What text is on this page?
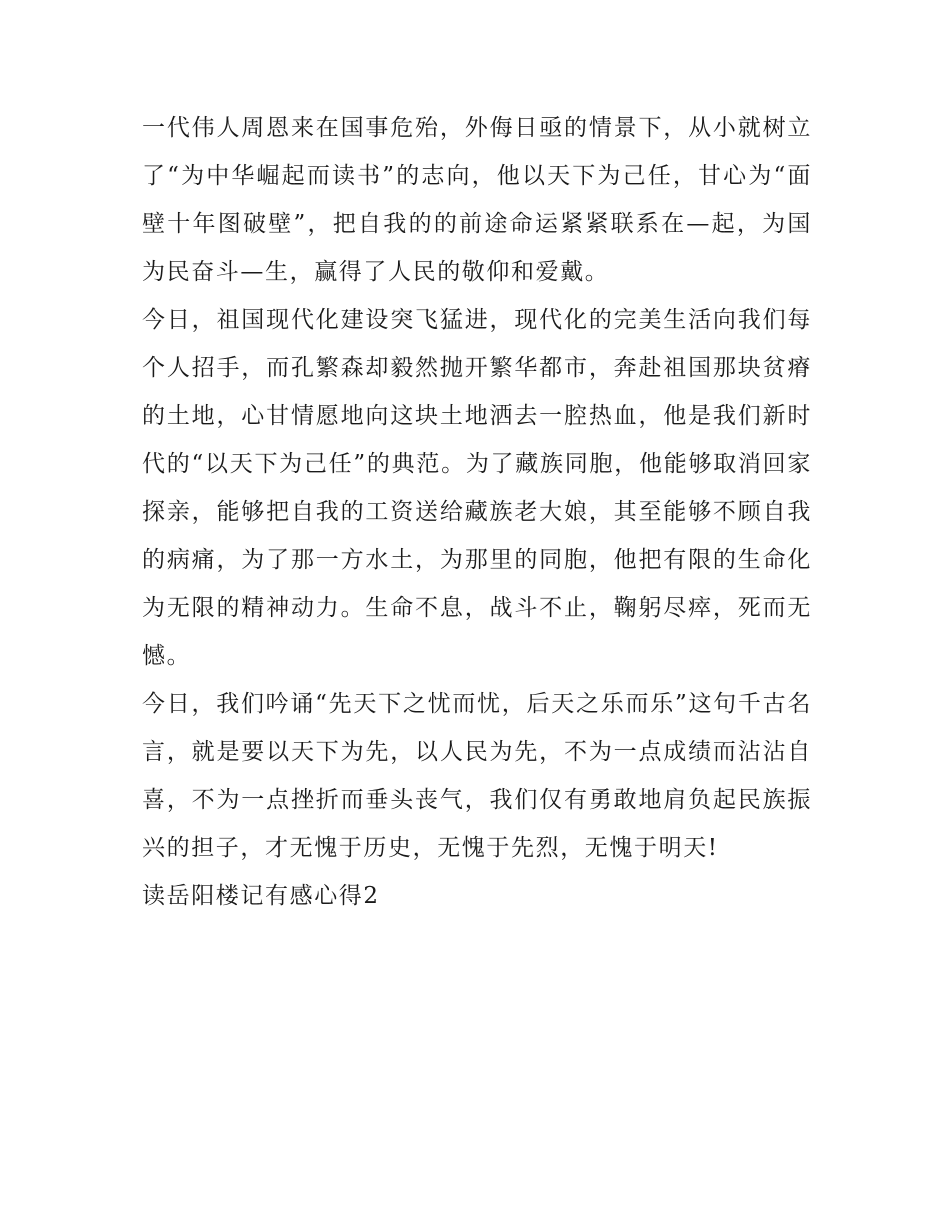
一代伟人周恩来在国事危殆，外侮日亟的情景下，从小就树立了“为中华崛起而读书”的志向，他以天下为己任，甘心为“面壁十年图破壁”，把自我的的前途命运紧紧联系在—起，为国为民奋斗—生，赢得了人民的敬仰和爱戴。

今日，祖国现代化建设突飞猛进，现代化的完美生活向我们每个人招手，而孔繁森却毅然抛开繁华都市，奔赴祖国那块贫瘠的土地，心甘情愿地向这块土地洒去一腔热血，他是我们新时代的“以天下为己任”的典范。为了藏族同胞，他能够取消回家探亲，能够把自我的工资送给藏族老大娘，其至能够不顾自我的病痛，为了那一方水土，为那里的同胞，他把有限的生命化为无限的精神动力。生命不息，战斗不止，鞠躬尽瘁，死而无憾。

今日，我们吟诵“先天下之忧而忧，后天之乐而乐”这句千古名言，就是要以天下为先，以人民为先，不为一点成绩而沾沾自喜，不为一点挫折而垂头丧气，我们仅有勇敢地肩负起民族振兴的担子，才无愧于历史，无愧于先烈，无愧于明天!

读岳阳楼记有感心得2
